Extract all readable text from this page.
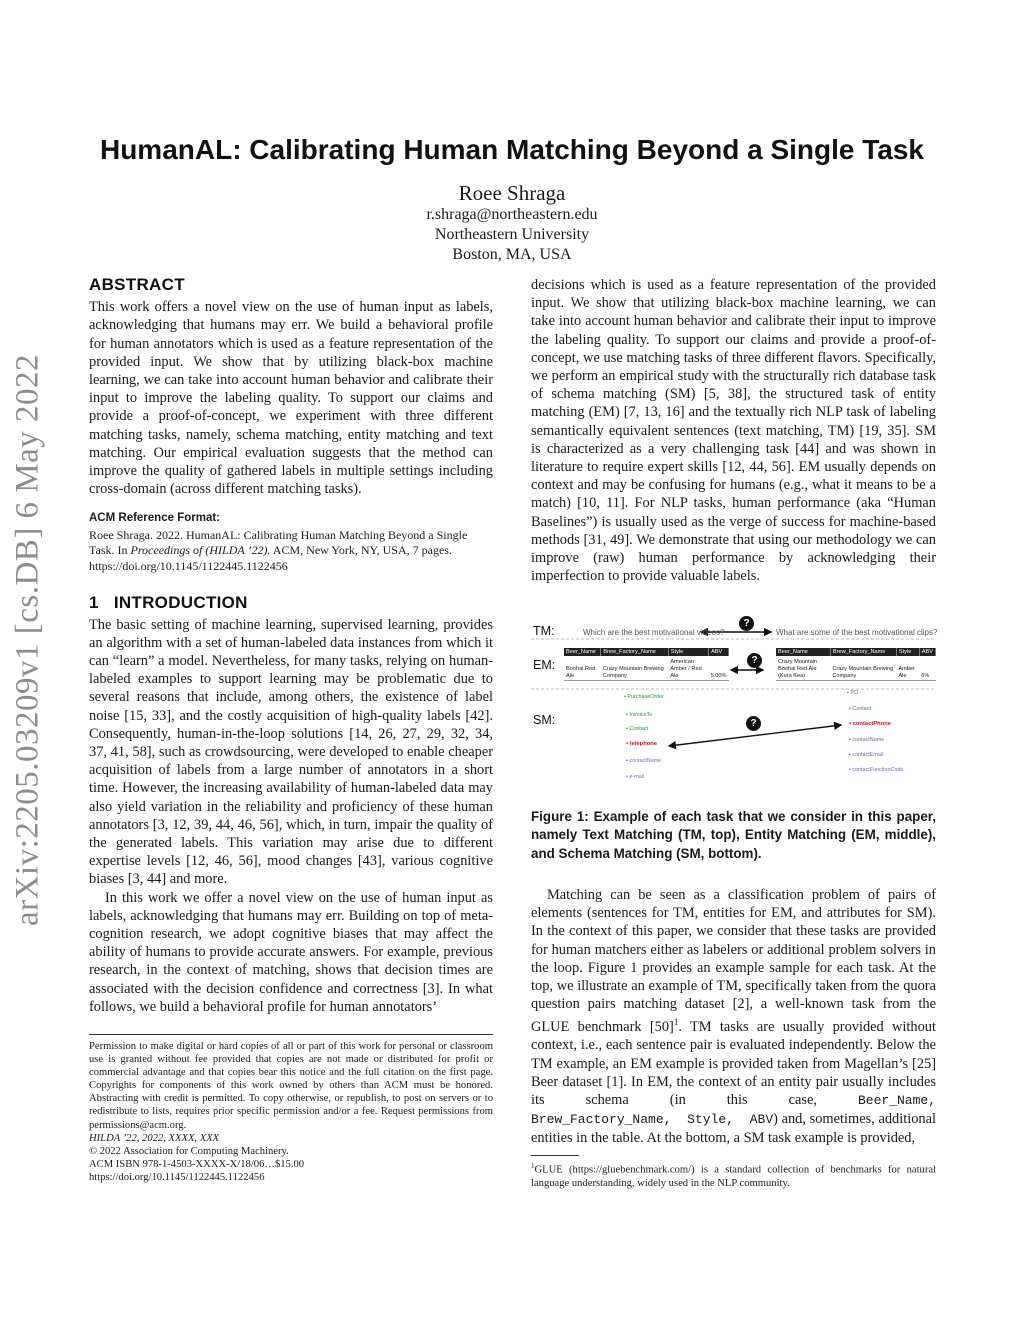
arXiv:2205.03209v1 [cs.DB] 6 May 2022
HumanAL: Calibrating Human Matching Beyond a Single Task
Roee Shraga
r.shraga@northeastern.edu
Northeastern University
Boston, MA, USA
ABSTRACT

This work offers a novel view on the use of human input as labels, acknowledging that humans may err. We build a behavioral profile for human annotators which is used as a feature representation of the provided input. We show that by utilizing black-box machine learning, we can take into account human behavior and calibrate their input to improve the labeling quality. To support our claims and provide a proof-of-concept, we experiment with three different matching tasks, namely, schema matching, entity matching and text matching. Our empirical evaluation suggests that the method can improve the quality of gathered labels in multiple settings including cross-domain (across different matching tasks).

ACM Reference Format:

Roee Shraga. 2022. HumanAL: Calibrating Human Matching Beyond a Single Task. In Proceedings of (HILDA ’22). ACM, New York, NY, USA, 7 pages. https://doi.org/10.1145/1122445.1122456

1   INTRODUCTION

The basic setting of machine learning, supervised learning, provides an algorithm with a set of human-labeled data instances from which it can “learn” a model. Nevertheless, for many tasks, relying on human-labeled examples to support learning may be problematic due to several reasons that include, among others, the existence of label noise [15, 33], and the costly acquisition of high-quality labels [42]. Consequently, human-in-the-loop solutions [14, 26, 27, 29, 32, 34, 37, 41, 58], such as crowdsourcing, were developed to enable cheaper acquisition of labels from a large number of annotators in a short time. However, the increasing availability of human-labeled data may also yield variation in the reliability and proficiency of these human annotators [3, 12, 39, 44, 46, 56], which, in turn, impair the quality of the generated labels. This variation may arise due to different expertise levels [12, 46, 56], mood changes [43], various cognitive biases [3, 44] and more.

In this work we offer a novel view on the use of human input as labels, acknowledging that humans may err. Building on top of meta-cognition research, we adopt cognitive biases that may affect the ability of humans to provide accurate answers. For example, previous research, in the context of matching, shows that decision times are associated with the decision confidence and correctness [3]. In what follows, we build a behavioral profile for human annotators’

Permission to make digital or hard copies of all or part of this work for personal or classroom use is granted without fee provided that copies are not made or distributed for profit or commercial advantage and that copies bear this notice and the full citation on the first page. Copyrights for components of this work owned by others than ACM must be honored. Abstracting with credit is permitted. To copy otherwise, or republish, to post on servers or to redistribute to lists, requires prior specific permission and/or a fee. Request permissions from permissions@acm.org.

HILDA ’22, 2022, XXXX, XXX

© 2022 Association for Computing Machinery.

ACM ISBN 978-1-4503-XXXX-X/18/06…$15.00

https://doi.org/10.1145/1122445.1122456

decisions which is used as a feature representation of the provided input. We show that utilizing black-box machine learning, we can take into account human behavior and calibrate their input to improve the labeling quality. To support our claims and provide a proof-of-concept, we use matching tasks of three different flavors. Specifically, we perform an empirical study with the structurally rich database task of schema matching (SM) [5, 38], the structured task of entity matching (EM) [7, 13, 16] and the textually rich NLP task of labeling semantically equivalent sentences (text matching, TM) [19, 35]. SM is characterized as a very challenging task [44] and was shown in literature to require expert skills [12, 44, 56]. EM usually depends on context and may be confusing for humans (e.g., what it means to be a match) [10, 11]. For NLP tasks, human performance (aka “Human Baselines”) is usually used as the verge of success for machine-based methods [31, 49]. We demonstrate that using our methodology we can improve (raw) human performance by acknowledging their imperfection to provide valuable labels.

TM:
EM:
SM:
Which are the best motivational videos?	What are some of the best motivational clips?
?
?
?
Beer_Name	Brew_Factory_Name	Style	ABV
Boohai Red Ale	Crazy Mountain Brewing Company	American Amber / Red Ale	5.00%
Beer_Name	Brew_Factory_Name	Style	ABV
Crazy Mountain Boohai Red Ale (Kura Kea)	Crazy Mountain Brewing Company	Amber Ale	6%
▪ PurchaseOrder
▪ InvoiceTo
▪ Contact
▪ telephone
▪ contactName
▪ e-mail
▪ PO
▪ Contact
▪ contactPhone
▪ contactName
▪ contactEmail
▪ contactFunctionCode
Figure 1: Example of each task that we consider in this paper, namely Text Matching (TM, top), Entity Matching (EM, middle), and Schema Matching (SM, bottom).

Matching can be seen as a classification problem of pairs of elements (sentences for TM, entities for EM, and attributes for SM). In the context of this paper, we consider that these tasks are provided for human matchers either as labelers or additional problem solvers in the loop. Figure 1 provides an example sample for each task. At the top, we illustrate an example of TM, specifically taken from the quora question pairs matching dataset [2], a well-known task from the GLUE benchmark $[50]^1$. TM tasks are usually provided without context, i.e., each sentence pair is evaluated independently. Below the TM example, an EM example is provided taken from Magellan’s [25] Beer dataset [1]. In EM, the context of an entity pair usually includes its schema (in this case, Beer_Name, Brew_Factory_Name,  Style,  ABV) and, sometimes, additional entities in the table. At the bottom, a SM task example is provided,

$^1$GLUE (https://gluebenchmark.com/) is a standard collection of benchmarks for natural language understanding, widely used in the NLP community.
